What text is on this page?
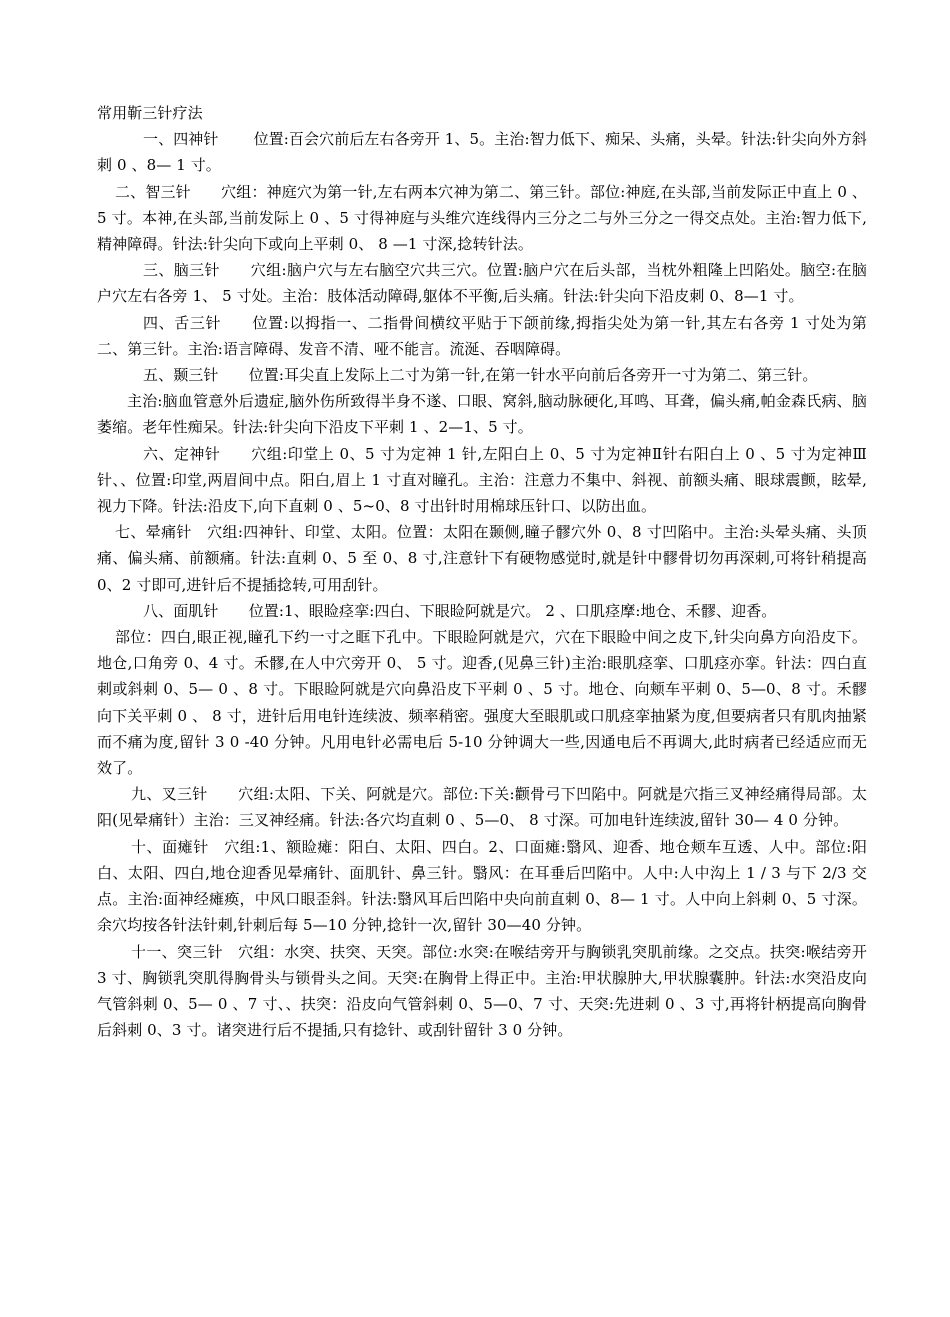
常用靳三针疗法

一、四神针　　 位置:百会穴前后左右各旁开 1、5。主治:智力低下、痴呆、头痛，头晕。针法:针尖向外方斜刺 0 、8— 1 寸。

二、智三针　　穴组：神庭穴为第一针,左右两本穴神为第二、第三针。部位:神庭,在头部,当前发际正中直上 0 、 5 寸。本神,在头部,当前发际上 0 、5 寸得神庭与头维穴连线得内三分之二与外三分之一得交点处。主治:智力低下,精神障碍。针法:针尖向下或向上平刺 0、 8 —1 寸深,捻转针法。

三、脑三针　　穴组:脑户穴与左右脑空穴共三穴。位置:脑户穴在后头部，当枕外粗隆上凹陷处。脑空:在脑户穴左右各旁 1、 5 寸处。主治：肢体活动障碍,躯体不平衡,后头痛。针法:针尖向下沿皮刺 0、8—1 寸。

四、舌三针　　位置:以拇指一、二指骨间横纹平贴于下颌前缘,拇指尖处为第一针,其左右各旁 1 寸处为第二、第三针。主治:语言障碍、发音不清、哑不能言。流涎、吞咽障碍。

五、颞三针　　位置:耳尖直上发际上二寸为第一针,在第一针水平向前后各旁开一寸为第二、第三针。

主治:脑血管意外后遗症,脑外伤所致得半身不遂、口眼、窝斜,脑动脉硬化,耳鸣、耳聋，偏头痛,帕金森氏病、脑萎缩。老年性痴呆。针法:针尖向下沿皮下平刺 1 、2—1、5 寸。

六、定神针　　穴组:印堂上 0、5 寸为定神 1 针,左阳白上 0、5 寸为定神Ⅱ针右阳白上 0 、5 寸为定神Ⅲ针、、位置:印堂,两眉间中点。阳白,眉上 1 寸直对瞳孔。主治：注意力不集中、斜视、前额头痛、眼球震颤，眩晕,视力下降。针法:沿皮下,向下直刺 0 、5~0、8 寸出针时用棉球压针口、以防出血。

七、晕痛针　穴组:四神针、印堂、太阳。位置：太阳在颞侧,瞳子髎穴外 0、8 寸凹陷中。主治:头晕头痛、头顶痛、偏头痛、前额痛。针法:直刺 0、5 至 0、8 寸,注意针下有硬物感觉时,就是针中髎骨切勿再深刺,可将针稍提高 0、2 寸即可,进针后不提插捻转,可用刮针。

八、面肌针　　位置:1、眼睑痉挛:四白、下眼睑阿就是穴。 2 、口肌痉摩:地仓、禾髎、迎香。

部位：四白,眼正视,瞳孔下约一寸之眶下孔中。下眼睑阿就是穴，穴在下眼睑中间之皮下,针尖向鼻方向沿皮下。地仓,口角旁 0、4 寸。禾髎,在人中穴旁开 0、 5 寸。迎香,(见鼻三针)主治:眼肌痉挛、口肌痉亦挛。针法：四白直刺或斜刺 0、5— 0 、8 寸。下眼睑阿就是穴向鼻沿皮下平刺 0 、5 寸。地仓、向颊车平刺 0、5—0、8 寸。禾髎向下关平刺 0 、 8 寸，进针后用电针连续波、频率稍密。强度大至眼肌或口肌痉挛抽紧为度,但要病者只有肌肉抽紧而不痛为度,留针 3 0 -40 分钟。凡用电针必需电后 5-10 分钟调大一些,因通电后不再调大,此时病者已经适应而无效了。

九、叉三针　　穴组:太阳、下关、阿就是穴。部位:下关:颧骨弓下凹陷中。阿就是穴指三叉神经痛得局部。太阳(见晕痛针）主治：三叉神经痛。针法:各穴均直刺 0 、5—0、 8 寸深。可加电针连续波,留针 30— 4 0 分钟。

十、面瘫针　穴组:1、额睑瘫：阳白、太阳、四白。2、口面瘫:翳风、迎香、地仓颊车互透、人中。部位:阳白、太阳、四白,地仓迎香见晕痛针、面肌针、鼻三针。翳风：在耳垂后凹陷中。人中:人中沟上 1 / 3 与下 2/3 交点。主治:面神经瘫痪，中风口眼歪斜。针法:翳风耳后凹陷中央向前直刺 0、8— 1 寸。人中向上斜刺 0、5 寸深。余穴均按各针法针刺,针刺后每 5—10 分钟,捻针一次,留针 30—40 分钟。

十一、突三针　穴组：水突、扶突、天突。部位:水突:在喉结旁开与胸锁乳突肌前缘。之交点。扶突:喉结旁开 3 寸、胸锁乳突肌得胸骨头与锁骨头之间。天突:在胸骨上得正中。主治:甲状腺肿大,甲状腺囊肿。针法:水突沿皮向气管斜刺 0、5— 0 、7 寸、、扶突：沿皮向气管斜刺 0、5—0、7 寸、天突:先进刺 0 、3 寸,再将针柄提高向胸骨后斜刺 0、3 寸。诸突进行后不提插,只有捻针、或刮针留针 3 0 分钟。
